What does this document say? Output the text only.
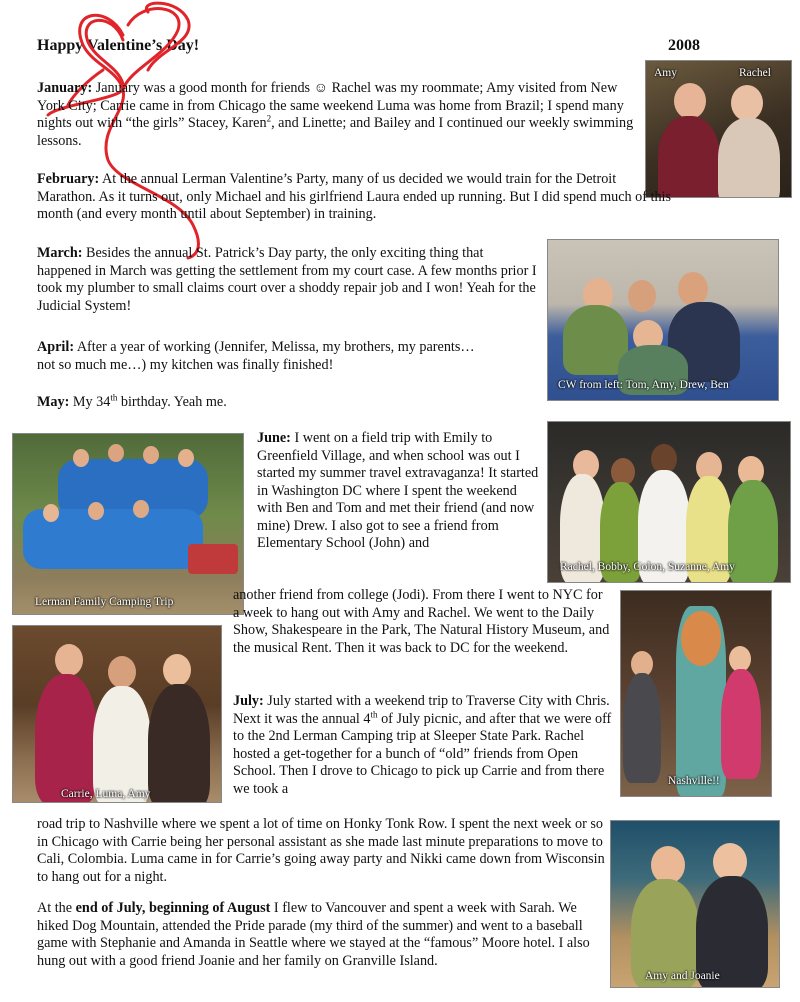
Happy Valentine’s Day!	2008
Amy	Rachel

January: January was a good month for friends ☺ Rachel was my roommate; Amy visited from New York City; Carrie came in from Chicago the same weekend Luma was home from Brazil; I spend many nights out with “the girls” Stacey, Karen$^2$, and Linette; and Bailey and I continued our weekly swimming lessons.

February: At the annual Lerman Valentine’s Party, many of us decided we would train for the Detroit Marathon. As it turns out, only Michael and his girlfriend Laura ended up running. But I did spend much of this month (and every month until about September) in training.

CW from left: Tom, Amy, Drew, Ben

March: Besides the annual St. Patrick’s Day party, the only exciting thing that happened in March was getting the settlement from my court case. A few months prior I took my plumber to small claims court over a shoddy repair job and I won! Yeah for the Judicial System!

April: After a year of working (Jennifer, Melissa, my brothers, my parents… not so much me…) my kitchen was finally finished!

May: My 34th birthday. Yeah me.

Lerman Family Camping Trip

June: I went on a field trip with Emily to Greenfield Village, and when school was out I started my summer travel extravaganza! It started in Washington DC where I spent the weekend with Ben and Tom and met their friend (and now mine) Drew. I also got to see a friend from Elementary School (John) and

Rachel, Bobby, Golon, Suzanne, Amy

another friend from college (Jodi). From there I went to NYC for a week to hang out with Amy and Rachel. We went to the Daily Show, Shakespeare in the Park, The Natural History Museum, and the musical Rent. Then it was back to DC for the weekend.

Carrie, Luma, Amy
Nashville!!

July: July started with a weekend trip to Traverse City with Chris. Next it was the annual 4th of July picnic, and after that we were off to the 2nd Lerman Camping trip at Sleeper State Park. Rachel hosted a get-together for a bunch of “old” friends from Open School. Then I drove to Chicago to pick up Carrie and from there we took a

road trip to Nashville where we spent a lot of time on Honky Tonk Row. I spent the next week or so in Chicago with Carrie being her personal assistant as she made last minute preparations to move to Cali, Colombia. Luma came in for Carrie’s going away party and Nikki came down from Wisconsin to hang out for a night.

Amy and Joanie

At the end of July, beginning of August I flew to Vancouver and spent a week with Sarah. We hiked Dog Mountain, attended the Pride parade (my third of the summer) and went to a baseball game with Stephanie and Amanda in Seattle where we stayed at the “famous” Moore hotel. I also hung out with a good friend Joanie and her family on Granville Island.
